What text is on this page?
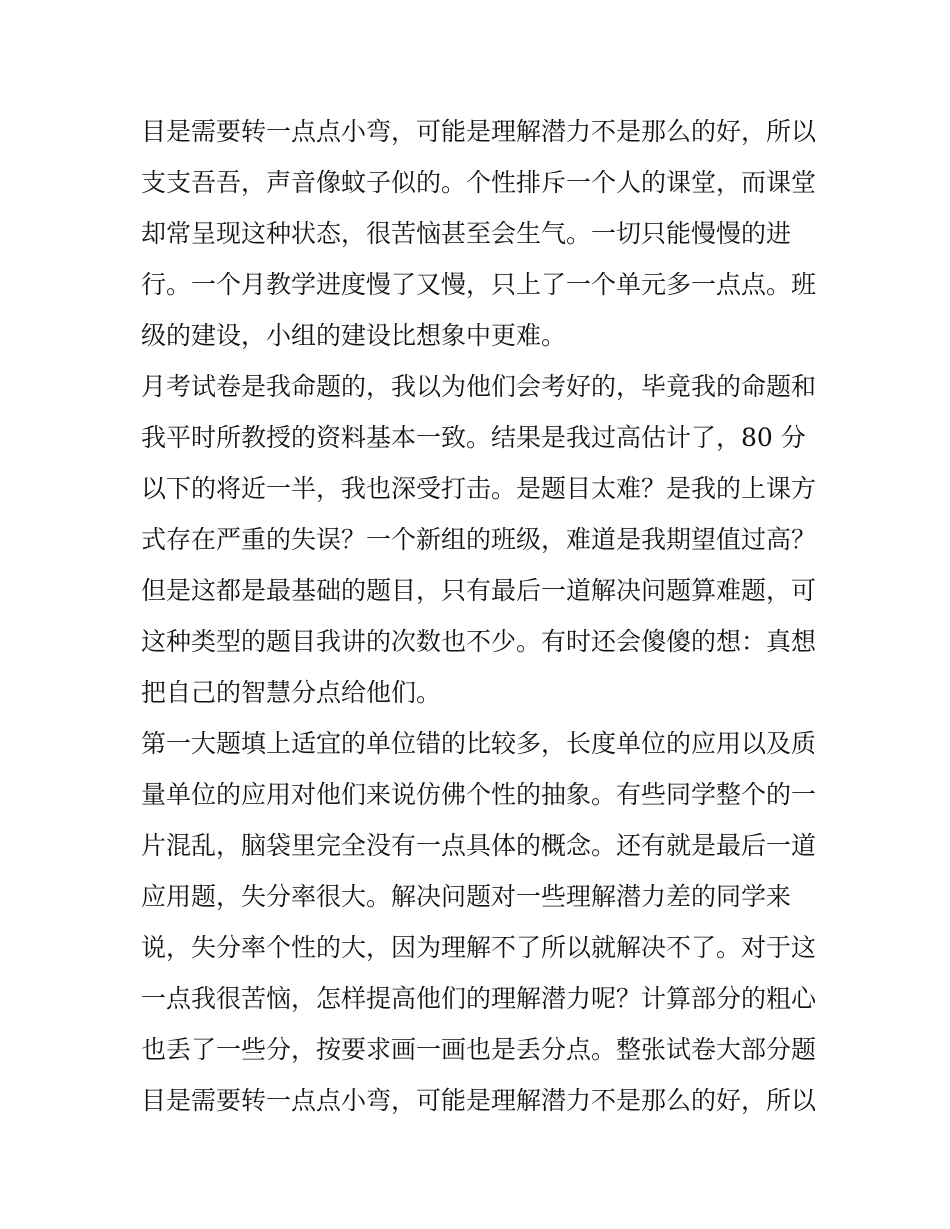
目是需要转一点点小弯，可能是理解潜力不是那么的好，所以
支支吾吾，声音像蚊子似的。个性排斥一个人的课堂，而课堂
却常呈现这种状态，很苦恼甚至会生气。一切只能慢慢的进
行。一个月教学进度慢了又慢，只上了一个单元多一点点。班
级的建设，小组的建设比想象中更难。
月考试卷是我命题的，我以为他们会考好的，毕竟我的命题和
我平时所教授的资料基本一致。结果是我过高估计了，80 分
以下的将近一半，我也深受打击。是题目太难？是我的上课方
式存在严重的失误？一个新组的班级，难道是我期望值过高？
但是这都是最基础的题目，只有最后一道解决问题算难题，可
这种类型的题目我讲的次数也不少。有时还会傻傻的想：真想
把自己的智慧分点给他们。
第一大题填上适宜的单位错的比较多，长度单位的应用以及质
量单位的应用对他们来说仿佛个性的抽象。有些同学整个的一
片混乱，脑袋里完全没有一点具体的概念。还有就是最后一道
应用题，失分率很大。解决问题对一些理解潜力差的同学来
说，失分率个性的大，因为理解不了所以就解决不了。对于这
一点我很苦恼，怎样提高他们的理解潜力呢？计算部分的粗心
也丢了一些分，按要求画一画也是丢分点。整张试卷大部分题
目是需要转一点点小弯，可能是理解潜力不是那么的好，所以
